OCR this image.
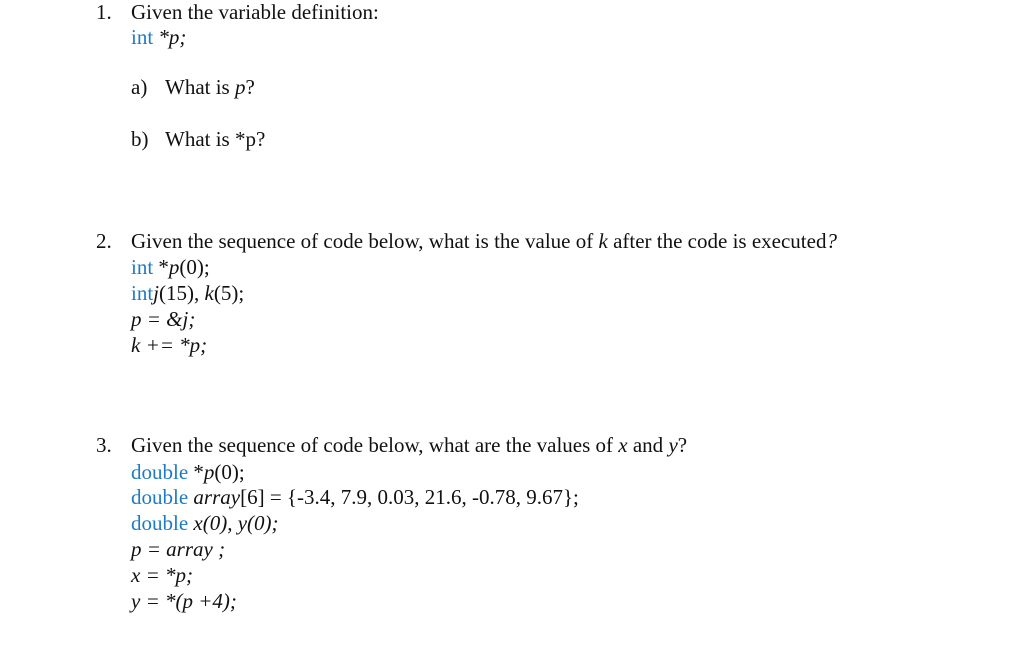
1. Given the variable definition:
int *p;
a) What is p?
b) What is *p?
2. Given the sequence of code below, what is the value of k after the code is executed?
int *p(0);
intj(15), k(5);
p = &j;
k += *p;
3. Given the sequence of code below, what are the values of x and y?
double *p(0);
double array[6] = {-3.4, 7.9, 0.03, 21.6, -0.78, 9.67};
double x(0), y(0);
p = array ;
x = *p;
y = *(p +4);
